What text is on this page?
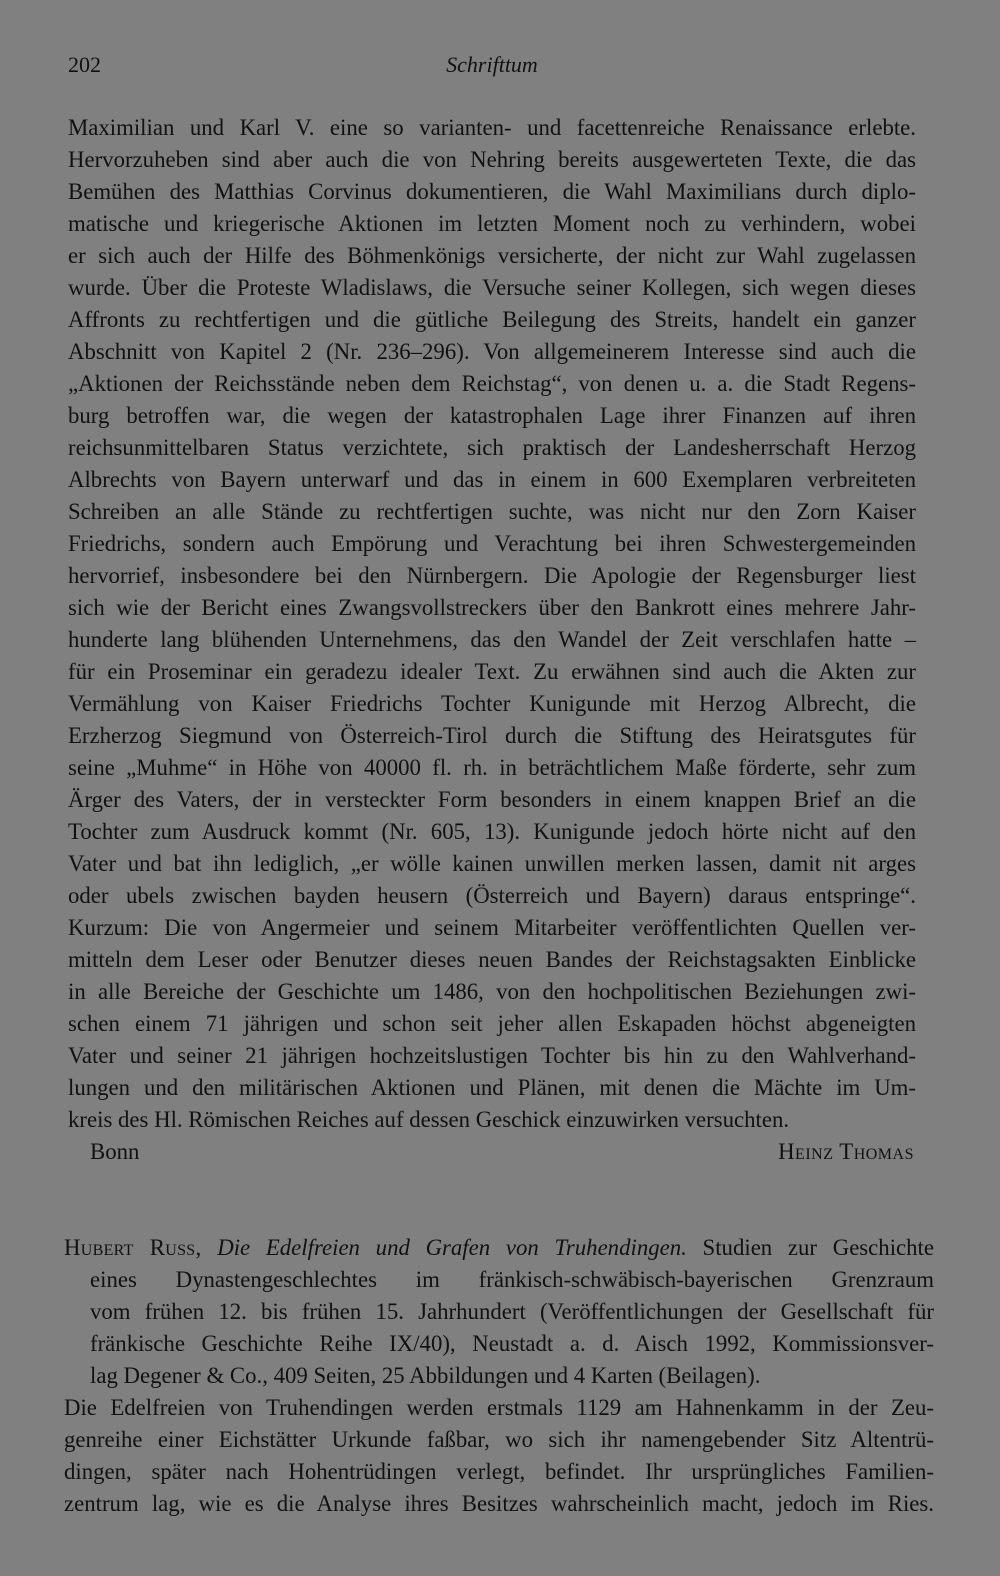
202	Schrifttum
Maximilian und Karl V. eine so varianten- und facettenreiche Renaissance erlebte.
Hervorzuheben sind aber auch die von Nehring bereits ausgewerteten Texte, die das
Bemühen des Matthias Corvinus dokumentieren, die Wahl Maximilians durch diplo-
matische und kriegerische Aktionen im letzten Moment noch zu verhindern, wobei
er sich auch der Hilfe des Böhmenkönigs versicherte, der nicht zur Wahl zugelassen
wurde. Über die Proteste Wladislaws, die Versuche seiner Kollegen, sich wegen dieses
Affronts zu rechtfertigen und die gütliche Beilegung des Streits, handelt ein ganzer
Abschnitt von Kapitel 2 (Nr. 236–296). Von allgemeinerem Interesse sind auch die
„Aktionen der Reichsstände neben dem Reichstag“, von denen u. a. die Stadt Regens-
burg betroffen war, die wegen der katastrophalen Lage ihrer Finanzen auf ihren
reichsunmittelbaren Status verzichtete, sich praktisch der Landesherrschaft Herzog
Albrechts von Bayern unterwarf und das in einem in 600 Exemplaren verbreiteten
Schreiben an alle Stände zu rechtfertigen suchte, was nicht nur den Zorn Kaiser
Friedrichs, sondern auch Empörung und Verachtung bei ihren Schwestergemeinden
hervorrief, insbesondere bei den Nürnbergern. Die Apologie der Regensburger liest
sich wie der Bericht eines Zwangsvollstreckers über den Bankrott eines mehrere Jahr-
hunderte lang blühenden Unternehmens, das den Wandel der Zeit verschlafen hatte –
für ein Proseminar ein geradezu idealer Text. Zu erwähnen sind auch die Akten zur
Vermählung von Kaiser Friedrichs Tochter Kunigunde mit Herzog Albrecht, die
Erzherzog Siegmund von Österreich-Tirol durch die Stiftung des Heiratsgutes für
seine „Muhme“ in Höhe von 40000 fl. rh. in beträchtlichem Maße förderte, sehr zum
Ärger des Vaters, der in versteckter Form besonders in einem knappen Brief an die
Tochter zum Ausdruck kommt (Nr. 605, 13). Kunigunde jedoch hörte nicht auf den
Vater und bat ihn lediglich, „er wölle kainen unwillen merken lassen, damit nit arges
oder ubels zwischen bayden heusern (Österreich und Bayern) daraus entspringe“.
Kurzum: Die von Angermeier und seinem Mitarbeiter veröffentlichten Quellen ver-
mitteln dem Leser oder Benutzer dieses neuen Bandes der Reichstagsakten Einblicke
in alle Bereiche der Geschichte um 1486, von den hochpolitischen Beziehungen zwi-
schen einem 71 jährigen und schon seit jeher allen Eskapaden höchst abgeneigten
Vater und seiner 21 jährigen hochzeitslustigen Tochter bis hin zu den Wahlverhand-
lungen und den militärischen Aktionen und Plänen, mit denen die Mächte im Um-
kreis des Hl. Römischen Reiches auf dessen Geschick einzuwirken versuchten.
Bonn	Heinz Thomas
Hubert Russ, Die Edelfreien und Grafen von Truhendingen. Studien zur Geschichte
eines Dynastengeschlechtes im fränkisch-schwäbisch-bayerischen Grenzraum
vom frühen 12. bis frühen 15. Jahrhundert (Veröffentlichungen der Gesellschaft für
fränkische Geschichte Reihe IX/40), Neustadt a. d. Aisch 1992, Kommissionsver-
lag Degener & Co., 409 Seiten, 25 Abbildungen und 4 Karten (Beilagen).
Die Edelfreien von Truhendingen werden erstmals 1129 am Hahnenkamm in der Zeu-
genreihe einer Eichstätter Urkunde faßbar, wo sich ihr namengebender Sitz Altentrü-
dingen, später nach Hohentrüdingen verlegt, befindet. Ihr ursprüngliches Familien-
zentrum lag, wie es die Analyse ihres Besitzes wahrscheinlich macht, jedoch im Ries.
